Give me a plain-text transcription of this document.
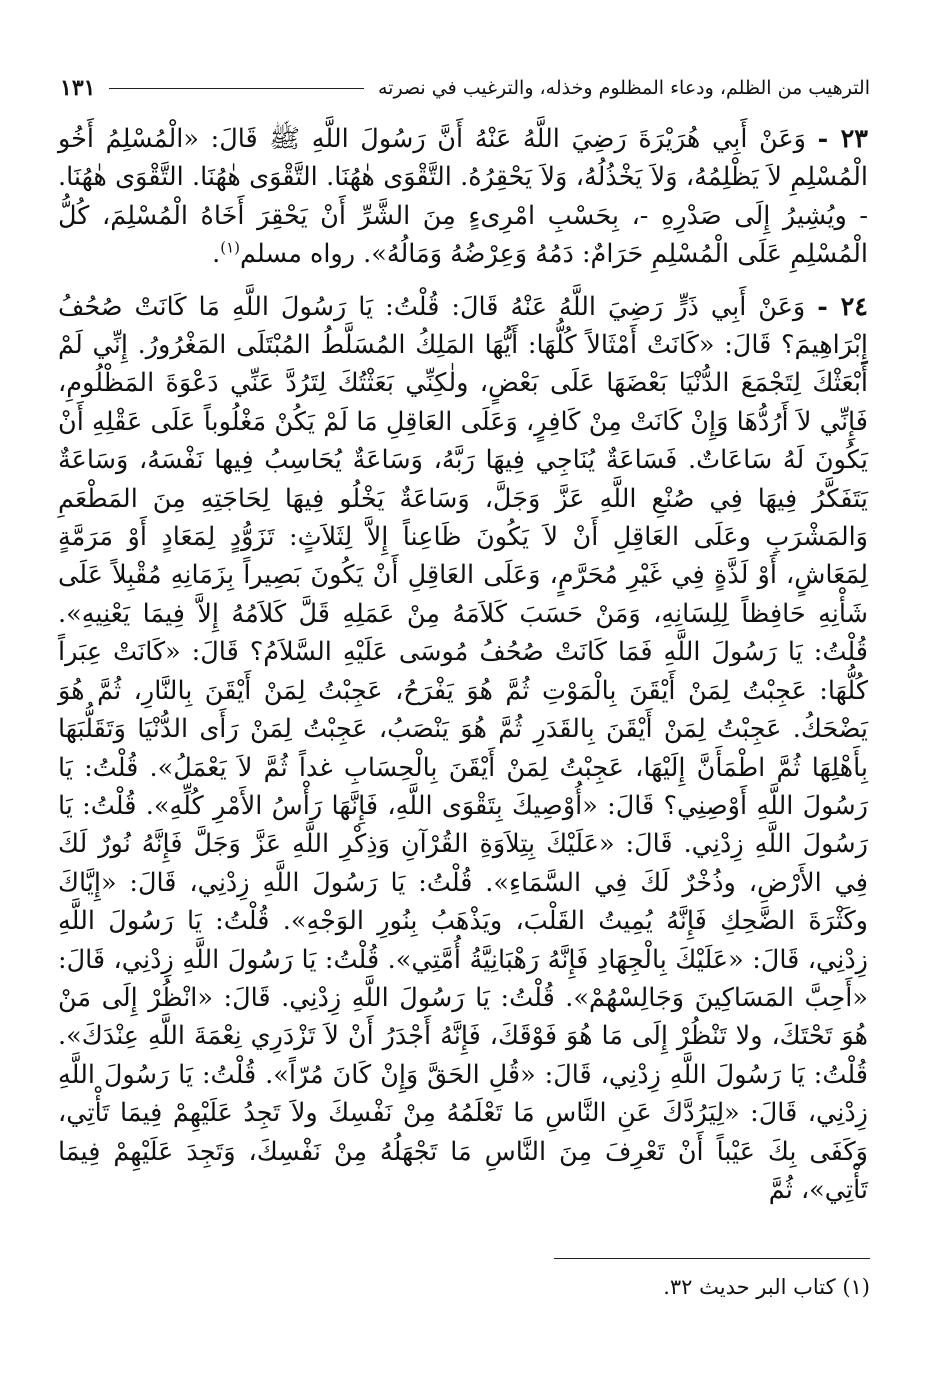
الترهيب من الظلم، ودعاء المظلوم وخذله، والترغيب في نصرته
١٣١

٢٣ - وَعَنْ أَبِي هُرَيْرَةَ رَضِيَ اللَّهُ عَنْهُ أَنَّ رَسُولَ اللَّهِ ﷺ قَالَ: «الْمُسْلِمُ أَخُو الْمُسْلِمِ لاَ يَظْلِمُهُ، وَلاَ يَخْذُلُهُ، وَلاَ يَحْقِرُهُ. التَّقْوَى هٰهُنَا. التَّقْوَى هٰهُنَا. التَّقْوَى هٰهُنَا. - ويُشِيرُ إِلَى صَدْرِهِ -، بِحَسْبِ امْرِىءٍ مِنَ الشَّرِّ أَنْ يَحْقِرَ أَخَاهُ الْمُسْلِمَ، كُلُّ الْمُسْلِمِ عَلَى الْمُسْلِمِ حَرَامٌ: دَمُهُ وَعِرْضُهُ وَمَالُهُ». رواه مسلم$^{(١)}$.

٢٤ - وَعَنْ أَبِي ذَرٍّ رَضِيَ اللَّهُ عَنْهُ قَالَ: قُلْتُ: يَا رَسُولَ اللَّهِ مَا كَانَتْ صُحُفُ إِبْرَاهِيمَ؟ قَالَ: «كَانَتْ أَمْثَالاً كُلُّهَا: أَيُّهَا المَلِكُ المُسَلَّطُ المُبْتَلَى المَغْرُورُ. إِنِّي لَمْ أَبْعَثْكَ لِتَجْمَعَ الدُّنْيَا بَعْضَهَا عَلَى بَعْضٍ، ولٰكِنِّي بَعَثْتُكَ لِتَرُدَّ عَنِّي دَعْوَةَ المَظْلُومِ، فَإِنِّي لاَ أَرُدُّهَا وَإِنْ كَانَتْ مِنْ كَافِرٍ، وَعَلَى العَاقِلِ مَا لَمْ يَكُنْ مَغْلُوباً عَلَى عَقْلِهِ أَنْ يَكُونَ لَهُ سَاعَاتٌ. فَسَاعَةٌ يُنَاجِي فِيهَا رَبَّهُ، وَسَاعَةٌ يُحَاسِبُ فِيها نَفْسَهُ، وَسَاعَةٌ يَتَفَكَّرُ فِيهَا فِي صُنْعِ اللَّهِ عَزَّ وَجَلَّ، وَسَاعَةٌ يَخْلُو فِيهَا لِحَاجَتِهِ مِنَ المَطْعَمِ وَالمَشْرَبِ وعَلَى العَاقِلِ أَنْ لاَ يَكُونَ ظَاعِناً إِلاَّ لِثَلاَثٍ: تَزَوُّدٍ لِمَعَادٍ أَوْ مَرَمَّةٍ لِمَعَاشٍ، أَوْ لَذَّةٍ فِي غَيْرِ مُحَرَّمٍ، وَعَلَى العَاقِلِ أَنْ يَكُونَ بَصِيراً بِزَمَانِهِ مُقْبِلاً عَلَى شَأْنِهِ حَافِظاً لِلِسَانِهِ، وَمَنْ حَسَبَ كَلاَمَهُ مِنْ عَمَلِهِ قَلَّ كَلاَمُهُ إِلاَّ فِيمَا يَعْنِيهِ». قُلْتُ: يَا رَسُولَ اللَّهِ فَمَا كَانَتْ صُحُفُ مُوسَى عَلَيْهِ السَّلاَمُ؟ قَالَ: «كَانَتْ عِبَراً كُلُّهَا: عَجِبْتُ لِمَنْ أَيْقَنَ بِالْمَوْتِ ثُمَّ هُوَ يَفْرَحُ، عَجِبْتُ لِمَنْ أَيْقَنَ بِالنَّارِ، ثُمَّ هُوَ يَضْحَكُ. عَجِبْتُ لِمَنْ أَيْقَنَ بِالقَدَرِ ثُمَّ هُوَ يَنْصَبُ، عَجِبْتُ لِمَنْ رَأَى الدُّنْيَا وَتَقَلُّبَهَا بِأَهْلِهَا ثُمَّ اطْمَأَنَّ إِلَيْهَا، عَجِبْتُ لِمَنْ أَيْقَنَ بِالْحِسَابِ غداً ثُمَّ لاَ يَعْمَلُ». قُلْتُ: يَا رَسُولَ اللَّهِ أَوْصِنِي؟ قَالَ: «أُوْصِيكَ بِتَقْوَى اللَّهِ، فَإِنَّهَا رَأْسُ الأَمْرِ كُلِّهِ». قُلْتُ: يَا رَسُولَ اللَّهِ زِدْنِي. قَالَ: «عَلَيْكَ بِتِلاَوَةِ القُرْآنِ وَذِكْرِ اللَّهِ عَزَّ وَجَلَّ فَإِنَّهُ نُورٌ لَكَ فِي الأَرْضِ، وذُخْرٌ لَكَ فِي السَّمَاءِ». قُلْتُ: يَا رَسُولَ اللَّهِ زِدْنِي، قَالَ: «إِيَّاكَ وكَثْرَةَ الضَّحِكِ فَإِنَّهُ يُمِيتُ القَلْبَ، ويَذْهَبُ بِنُورِ الوَجْهِ». قُلْتُ: يَا رَسُولَ اللَّهِ زِدْنِي، قَالَ: «عَلَيْكَ بِالْجِهَادِ فَإِنَّهُ رَهْبَانِيَّةُ أُمَّتِي». قُلْتُ: يَا رَسُولَ اللَّهِ زِدْنِي، قَالَ: «أَحِبَّ المَسَاكِينَ وَجَالِسْهُمْ». قُلْتُ: يَا رَسُولَ اللَّهِ زِدْنِي. قَالَ: «انْظُرْ إِلَى مَنْ هُوَ تَحْتَكَ، ولا تَنْظُرْ إِلَى مَا هُوَ فَوْقَكَ، فَإِنَّهُ أَجْدَرُ أَنْ لاَ تَزْدَرِي نِعْمَةَ اللَّهِ عِنْدَكَ». قُلْتُ: يَا رَسُولَ اللَّهِ زِدْنِي، قَالَ: «قُلِ الحَقَّ وَإِنْ كَانَ مُرّاً». قُلْتُ: يَا رَسُولَ اللَّهِ زِدْنِي، قَالَ: «لِيَرُدَّكَ عَنِ النَّاسِ مَا تَعْلَمُهُ مِنْ نَفْسِكَ ولاَ تَجِدُ عَلَيْهِمْ فِيمَا تَأْتِي، وَكَفَى بِكَ عَيْباً أَنْ تَعْرِفَ مِنَ النَّاسِ مَا تَجْهَلُهُ مِنْ نَفْسِكَ، وَتَجِدَ عَلَيْهِمْ فِيمَا تَأْتِي»، ثُمَّ

(١) كتاب البر حديث ٣٢.
